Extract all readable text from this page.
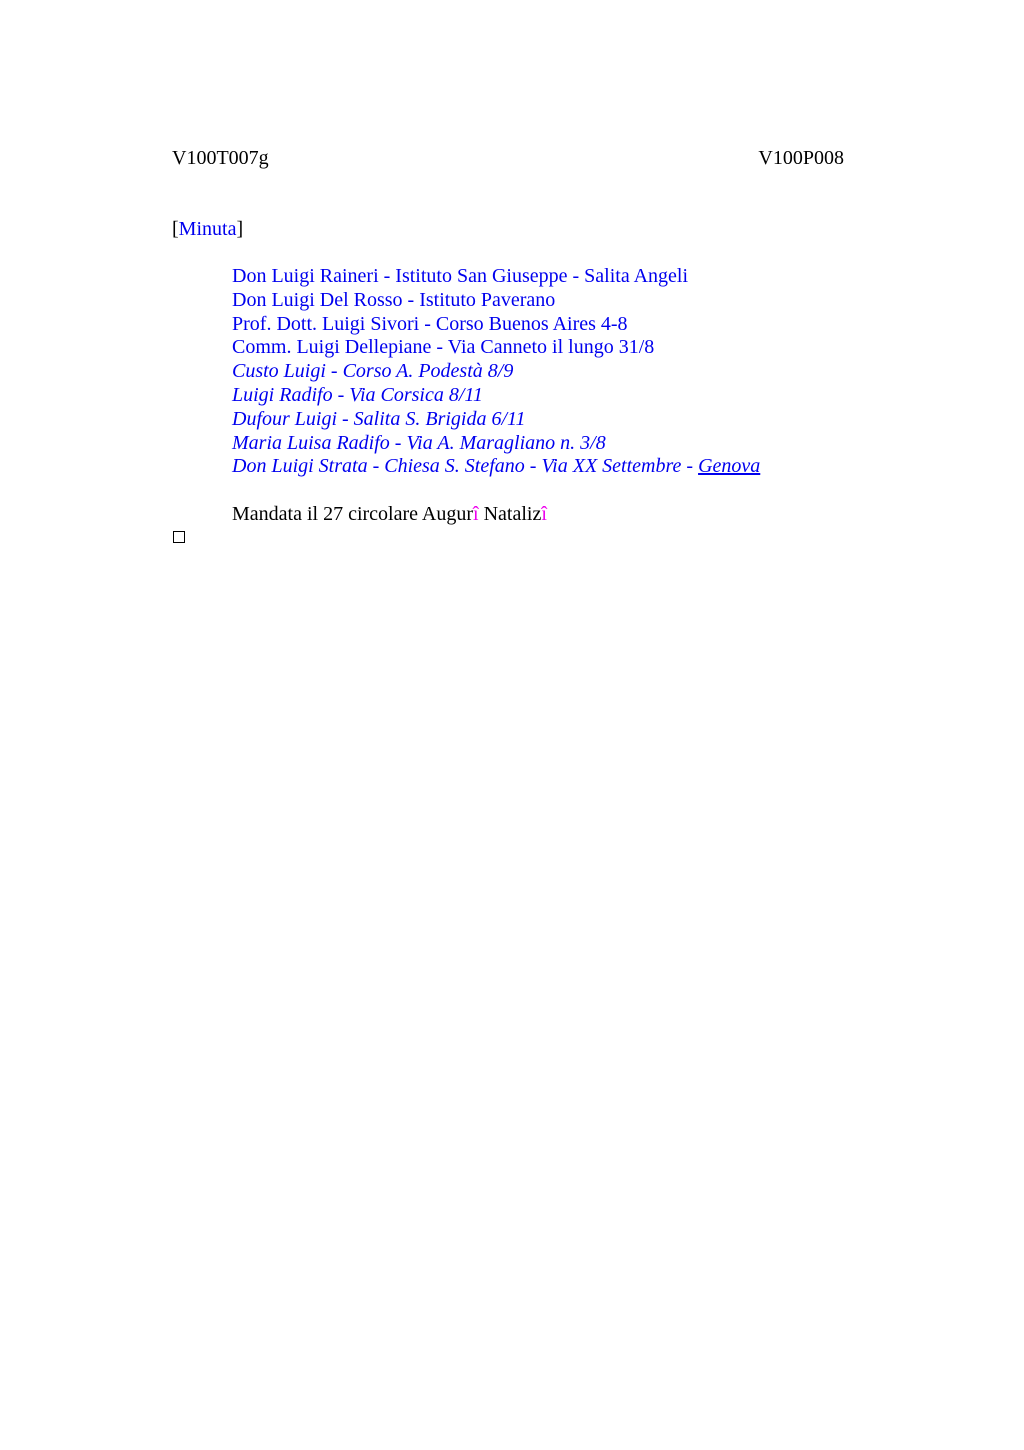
V100T007g	V100P008
[Minuta]
Don Luigi Raineri - Istituto San Giuseppe - Salita Angeli
Don Luigi Del Rosso - Istituto Paverano
Prof. Dott. Luigi Sivori - Corso Buenos Aires 4-8
Comm. Luigi Dellepiane - Via Canneto il lungo 31/8
Custo Luigi - Corso A. Podestà 8/9
Luigi Radifo - Via Corsica 8/11
Dufour Luigi - Salita S. Brigida 6/11
Maria Luisa Radifo - Via A. Maragliano n. 3/8
Don Luigi Strata - Chiesa S. Stefano - Via XX Settembre - Genova
Mandata il 27 circolare Augurî Natalizî
